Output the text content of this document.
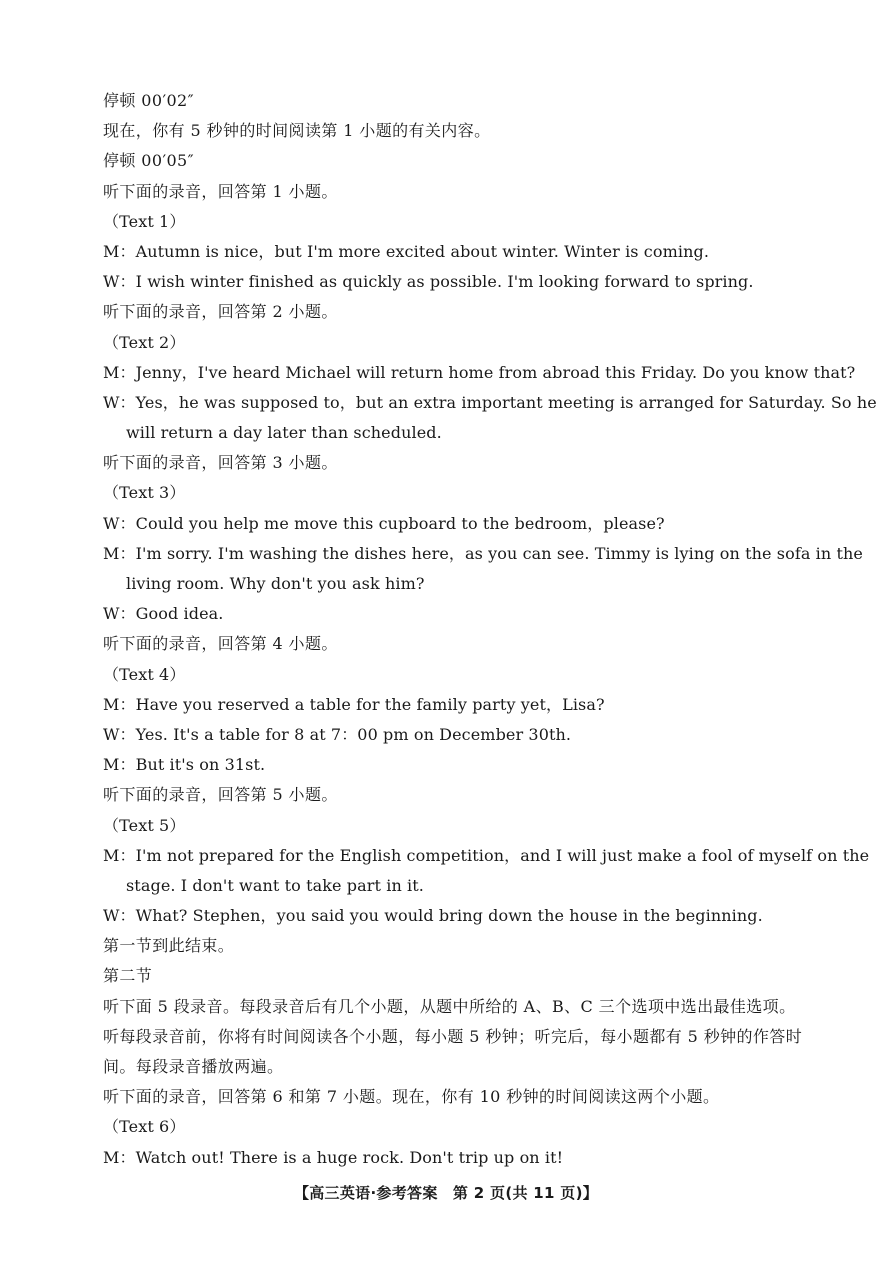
停顿 00′02″
现在，你有 5 秒钟的时间阅读第 1 小题的有关内容。
停顿 00′05″
听下面的录音，回答第 1 小题。
（Text 1）
M：Autumn is nice，but I'm more excited about winter. Winter is coming.
W：I wish winter finished as quickly as possible. I'm looking forward to spring.
听下面的录音，回答第 2 小题。
（Text 2）
M：Jenny，I've heard Michael will return home from abroad this Friday. Do you know that?
W：Yes，he was supposed to，but an extra important meeting is arranged for Saturday. So he
will return a day later than scheduled.
听下面的录音，回答第 3 小题。
（Text 3）
W：Could you help me move this cupboard to the bedroom，please?
M：I'm sorry. I'm washing the dishes here，as you can see. Timmy is lying on the sofa in the
living room. Why don't you ask him?
W：Good idea.
听下面的录音，回答第 4 小题。
（Text 4）
M：Have you reserved a table for the family party yet，Lisa?
W：Yes. It's a table for 8 at 7：00 pm on December 30th.
M：But it's on 31st.
听下面的录音，回答第 5 小题。
（Text 5）
M：I'm not prepared for the English competition，and I will just make a fool of myself on the
stage. I don't want to take part in it.
W：What? Stephen，you said you would bring down the house in the beginning.
第一节到此结束。
第二节
听下面 5 段录音。每段录音后有几个小题，从题中所给的 A、B、C 三个选项中选出最佳选项。
听每段录音前，你将有时间阅读各个小题，每小题 5 秒钟；听完后，每小题都有 5 秒钟的作答时
间。每段录音播放两遍。
听下面的录音，回答第 6 和第 7 小题。现在，你有 10 秒钟的时间阅读这两个小题。
（Text 6）
M：Watch out! There is a huge rock. Don't trip up on it!
【高三英语·参考答案　第 2 页(共 11 页)】
